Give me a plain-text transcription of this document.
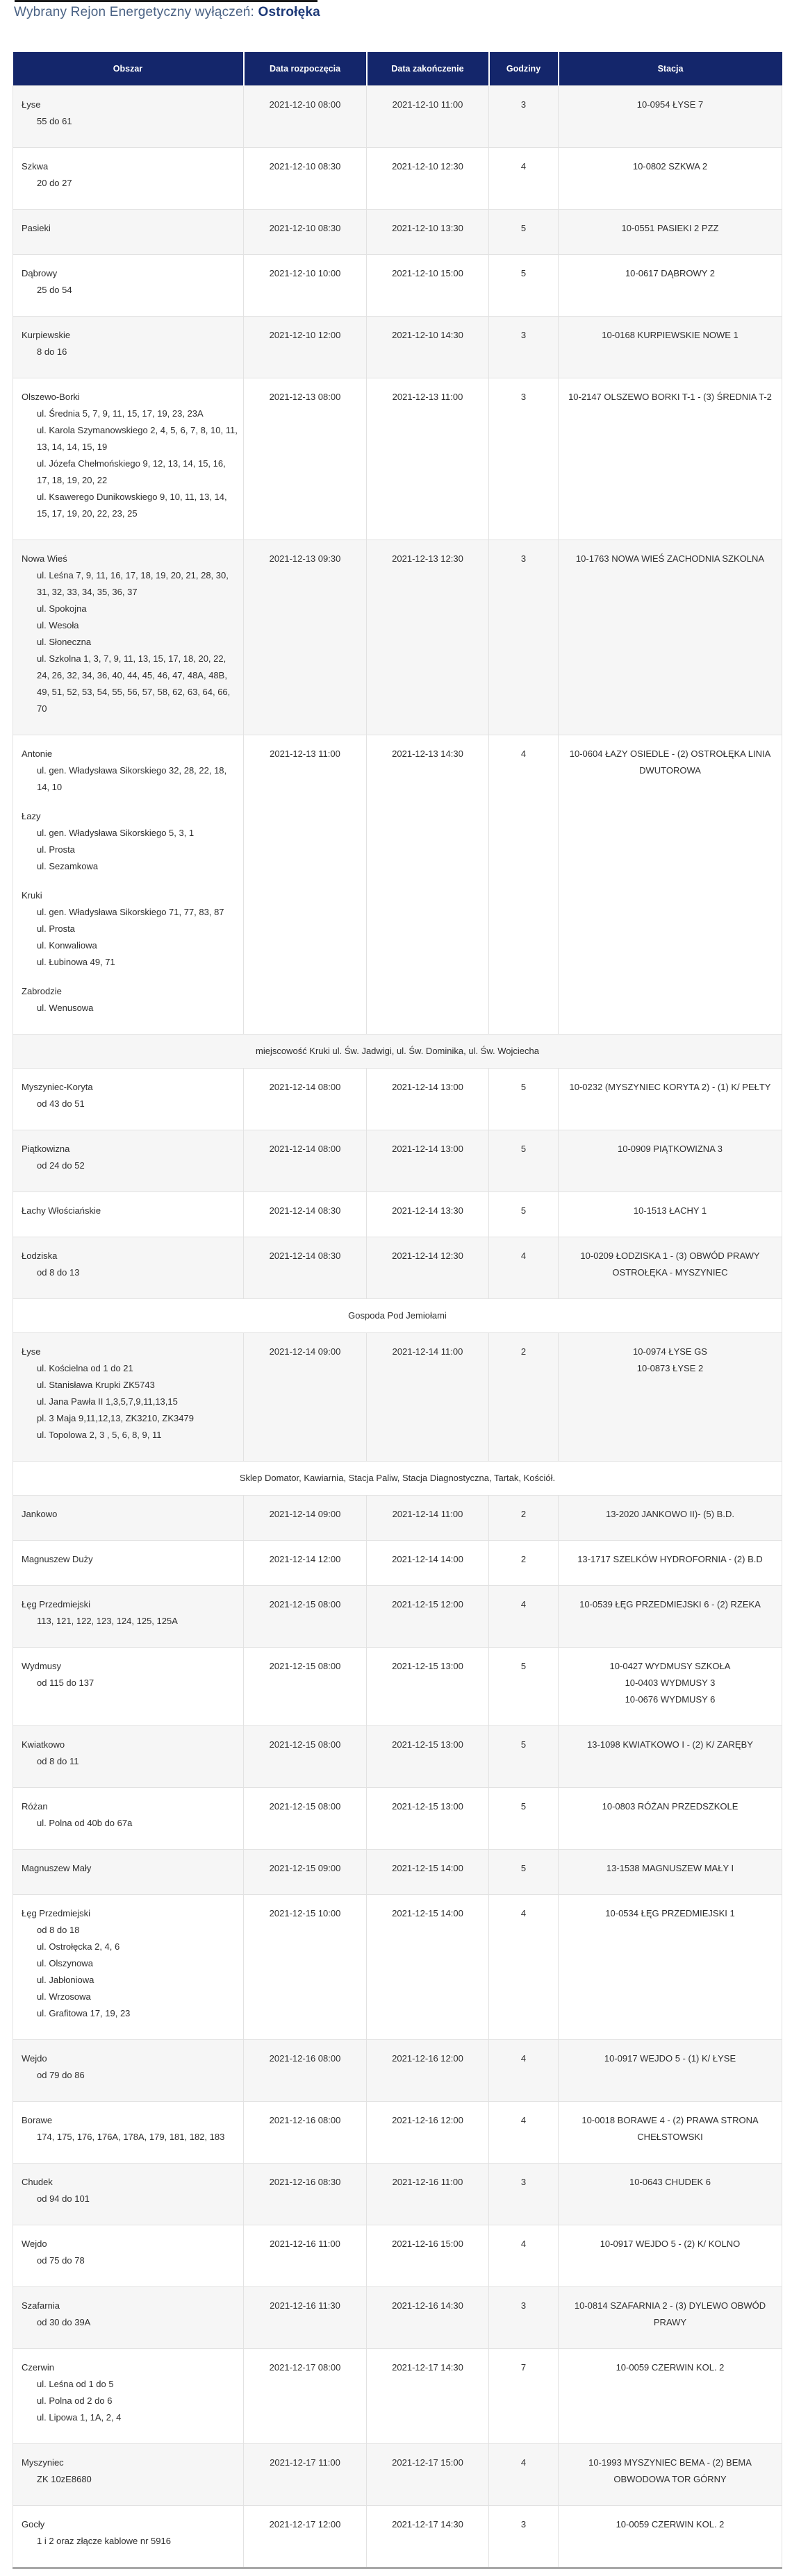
Wybrany Rejon Energetyczny wyłączeń: Ostrołęka
Obszar	Data rozpoczęcia	Data zakończenie	Godziny	Stacja

Łyse
55 do 61	2021-12-10 08:00	2021-12-10 11:00	3	10-0954 ŁYSE 7

Szkwa
20 do 27	2021-12-10 08:30	2021-12-10 12:30	4	10-0802 SZKWA 2

Pasieki	2021-12-10 08:30	2021-12-10 13:30	5	10-0551 PASIEKI 2 PZZ

Dąbrowy
25 do 54	2021-12-10 10:00	2021-12-10 15:00	5	10-0617 DĄBROWY 2

Kurpiewskie
8 do 16	2021-12-10 12:00	2021-12-10 14:30	3	10-0168 KURPIEWSKIE NOWE 1

Olszewo-Borki
ul. Średnia 5, 7, 9, 11, 15, 17, 19, 23, 23A
ul. Karola Szymanowskiego 2, 4, 5, 6, 7, 8, 10, 11, 13, 14, 14, 15, 19
ul. Józefa Chełmońskiego 9, 12, 13, 14, 15, 16, 17, 18, 19, 20, 22
ul. Ksawerego Dunikowskiego 9, 10, 11, 13, 14, 15, 17, 19, 20, 22, 23, 25	2021-12-13 08:00	2021-12-13 11:00	3	10-2147 OLSZEWO BORKI T-1 - (3) ŚREDNIA T-2

Nowa Wieś
ul. Leśna 7, 9, 11, 16, 17, 18, 19, 20, 21, 28, 30, 31, 32, 33, 34, 35, 36, 37
ul. Spokojna
ul. Wesoła
ul. Słoneczna
ul. Szkolna 1, 3, 7, 9, 11, 13, 15, 17, 18, 20, 22, 24, 26, 32, 34, 36, 40, 44, 45, 46, 47, 48A, 48B, 49, 51, 52, 53, 54, 55, 56, 57, 58, 62, 63, 64, 66, 70
	2021-12-13 09:30	2021-12-13 12:30	3	10-1763 NOWA WIEŚ ZACHODNIA SZKOLNA

Antonie
ul. gen. Władysława Sikorskiego 32, 28, 22, 18, 14, 10
Łazy
ul. gen. Władysława Sikorskiego 5, 3, 1
ul. Prosta
ul. Sezamkowa
Kruki
ul. gen. Władysława Sikorskiego 71, 77, 83, 87
ul. Prosta
ul. Konwaliowa
ul. Łubinowa 49, 71
Zabrodzie
ul. Wenusowa
	2021-12-13 11:00	2021-12-13 14:30	4	10-0604 ŁAZY OSIEDLE - (2) OSTROŁĘKA LINIA DWUTOROWA

miejscowość Kruki ul. Św. Jadwigi, ul. Św. Dominika, ul. Św. Wojciecha				

Myszyniec-Koryta
od 43 do 51	2021-12-14 08:00	2021-12-14 13:00	5	10-0232 (MYSZYNIEC KORYTA 2) - (1) K/ PEŁTY

Piątkowizna
od 24 do 52	2021-12-14 08:00	2021-12-14 13:00	5	10-0909 PIĄTKOWIZNA 3

Łachy Włościańskie	2021-12-14 08:30	2021-12-14 13:30	5	10-1513 ŁACHY 1

Łodziska
od 8 do 13	2021-12-14 08:30	2021-12-14 12:30	4	10-0209 ŁODZISKA 1 - (3) OBWÓD PRAWY OSTROŁĘKA - MYSZYNIEC

Gospoda Pod Jemiołami				

Łyse
ul. Kościelna od 1 do 21
ul. Stanisława Krupki ZK5743
ul. Jana Pawła II 1,3,5,7,9,11,13,15
pl. 3 Maja 9,11,12,13, ZK3210, ZK3479
ul. Topolowa 2, 3 , 5, 6, 8, 9, 11
	2021-12-14 09:00	2021-12-14 11:00	2	10-0974 ŁYSE GS
10-0873 ŁYSE 2

Sklep Domator, Kawiarnia, Stacja Paliw, Stacja Diagnostyczna, Tartak, Kościół.				

Jankowo	2021-12-14 09:00	2021-12-14 11:00	2	13-2020 JANKOWO II)- (5) B.D.

Magnuszew Duży	2021-12-14 12:00	2021-12-14 14:00	2	13-1717 SZELKÓW HYDROFORNIA - (2) B.D

Łęg Przedmiejski
113, 121, 122, 123, 124, 125, 125A	2021-12-15 08:00	2021-12-15 12:00	4	10-0539 ŁĘG PRZEDMIEJSKI 6 - (2) RZEKA

Wydmusy
od 115 do 137
	2021-12-15 08:00	2021-12-15 13:00	5	10-0427 WYDMUSY SZKOŁA
10-0403 WYDMUSY 3
10-0676 WYDMUSY 6

Kwiatkowo
od 8 do 11	2021-12-15 08:00	2021-12-15 13:00	5	13-1098 KWIATKOWO I - (2) K/ ZARĘBY

Różan
ul. Polna od 40b do 67a	2021-12-15 08:00	2021-12-15 13:00	5	10-0803 RÓŻAN PRZEDSZKOLE

Magnuszew Mały	2021-12-15 09:00	2021-12-15 14:00	5	13-1538 MAGNUSZEW MAŁY I

Łęg Przedmiejski
od 8 do 18
ul. Ostrołęcka 2, 4, 6
ul. Olszynowa
ul. Jabłoniowa
ul. Wrzosowa
ul. Grafitowa 17, 19, 23
	2021-12-15 10:00	2021-12-15 14:00	4	10-0534 ŁĘG PRZEDMIEJSKI 1

Wejdo
od 79 do 86	2021-12-16 08:00	2021-12-16 12:00	4	10-0917 WEJDO 5 - (1) K/ ŁYSE

Borawe
174, 175, 176, 176A, 178A, 179, 181, 182, 183	2021-12-16 08:00	2021-12-16 12:00	4	10-0018 BORAWE 4 - (2) PRAWA STRONA CHEŁSTOWSKI

Chudek
od 94 do 101	2021-12-16 08:30	2021-12-16 11:00	3	10-0643 CHUDEK 6

Wejdo
od 75 do 78	2021-12-16 11:00	2021-12-16 15:00	4	10-0917 WEJDO 5 - (2) K/ KOLNO

Szafarnia
od 30 do 39A	2021-12-16 11:30	2021-12-16 14:30	3	10-0814 SZAFARNIA 2 - (3) DYLEWO OBWÓD PRAWY

Czerwin
ul. Leśna od 1 do 5
ul. Polna od 2 do 6
ul. Lipowa 1, 1A, 2, 4	2021-12-17 08:00	2021-12-17 14:30	7	10-0059 CZERWIN KOL. 2

Myszyniec
ZK 10zE8680	2021-12-17 11:00	2021-12-17 15:00	4	10-1993 MYSZYNIEC BEMA - (2) BEMA OBWODOWA TOR GÓRNY

Gocły
1 i 2 oraz złącze kablowe nr 5916	2021-12-17 12:00	2021-12-17 14:30	3	10-0059 CZERWIN KOL. 2
